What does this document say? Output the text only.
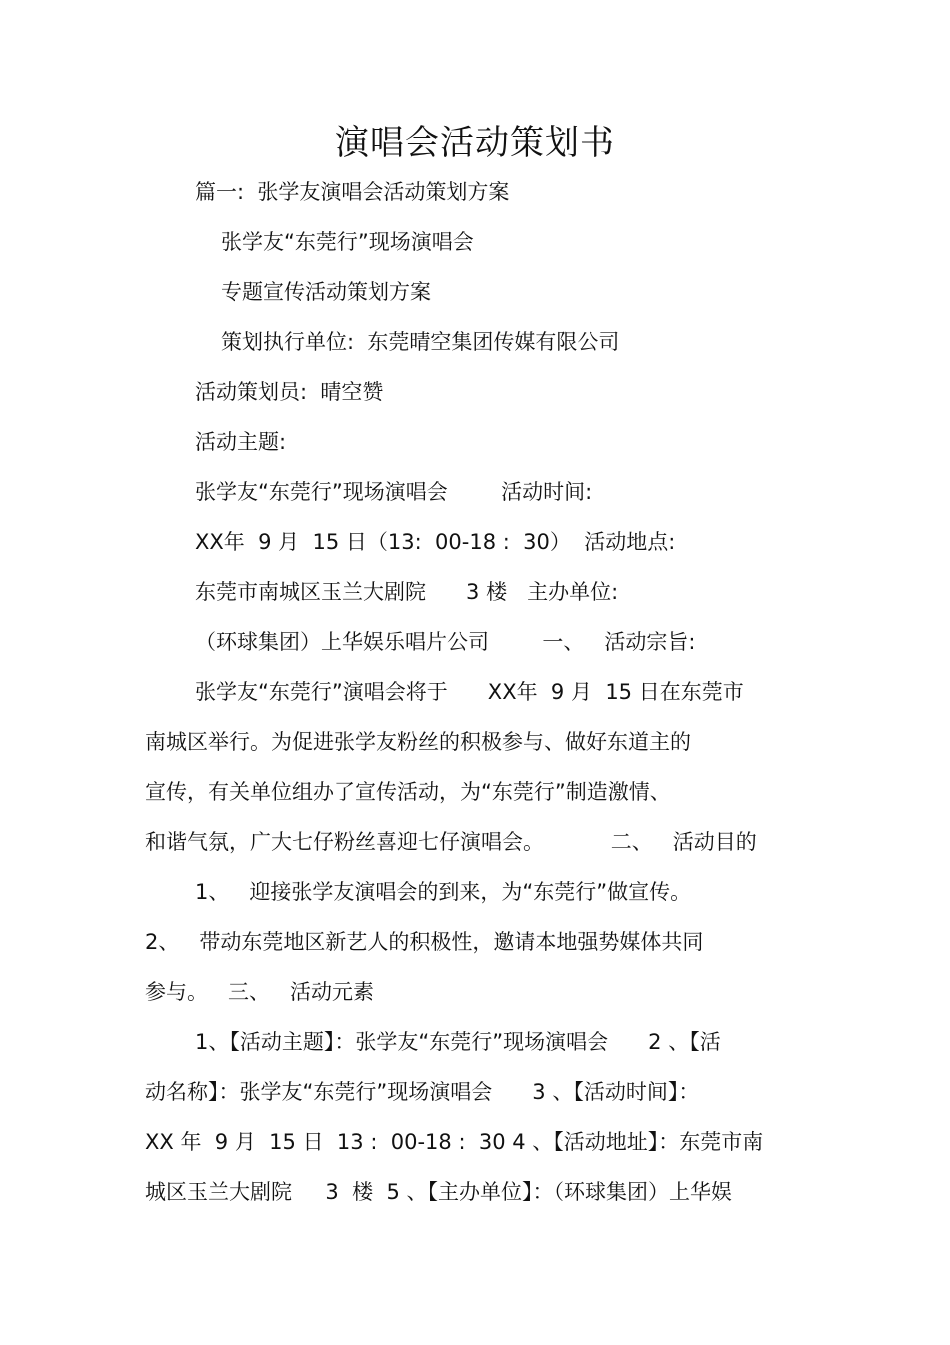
演唱会活动策划书
篇一:  张学友演唱会活动策划方案
张学友“东莞行”现场演唱会
专题宣传活动策划方案
策划执行单位:  东莞晴空集团传媒有限公司
活动策划员:  晴空赞
活动主题:
张学友“东莞行”现场演唱会        活动时间:
XX年  9 月  15 日（13:  00-18 :  30）  活动地点:
东莞市南城区玉兰大剧院      3 楼   主办单位:
（环球集团）上华娱乐唱片公司        一、   活动宗旨:
张学友“东莞行”演唱会将于      XX年  9 月  15 日在东莞市
南城区举行。为促进张学友粉丝的积极参与、做好东道主的
宣传，有关单位组办了宣传活动，为“东莞行”制造激情、
和谐气氛，广大七仔粉丝喜迎七仔演唱会。          二、   活动目的
1、   迎接张学友演唱会的到来，为“东莞行”做宣传。
2、   带动东莞地区新艺人的积极性，邀请本地强势媒体共同
参与。   三、   活动元素
1、【活动主题】：张学友“东莞行”现场演唱会      2 、【活
动名称】：张学友“东莞行”现场演唱会      3 、【活动时间】：
XX 年  9 月  15 日  13 :  00-18 :  30 4 、【活动地址】：东莞市南
城区玉兰大剧院     3  楼  5 、【主办单位】：（环球集团）上华娱
